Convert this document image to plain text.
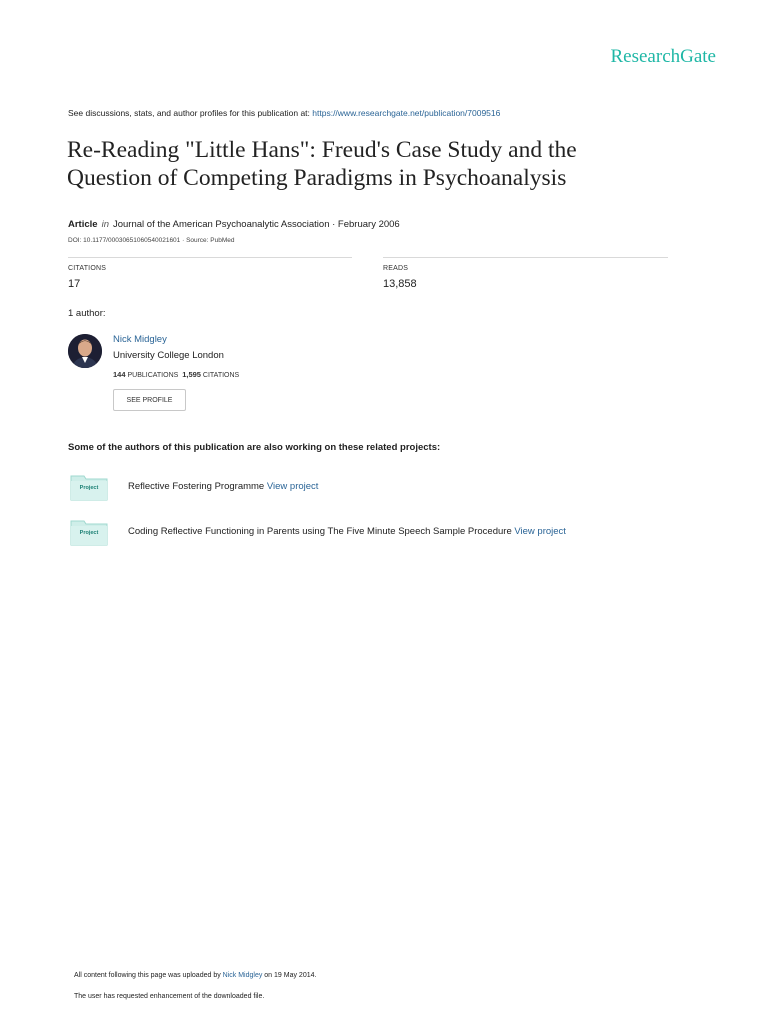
ResearchGate
See discussions, stats, and author profiles for this publication at: https://www.researchgate.net/publication/7009516
Re-Reading "Little Hans": Freud's Case Study and the
Question of Competing Paradigms in Psychoanalysis
Article in Journal of the American Psychoanalytic Association · February 2006
DOI: 10.1177/00030651060540021601 · Source: PubMed
CITATIONS
17
READS
13,858
1 author:
Nick Midgley
University College London
144 PUBLICATIONS 1,595 CITATIONS
SEE PROFILE
Some of the authors of this publication are also working on these related projects:
Project	Reflective Fostering Programme View project
Project	Coding Reflective Functioning in Parents using The Five Minute Speech Sample Procedure View project
All content following this page was uploaded by Nick Midgley on 19 May 2014.
The user has requested enhancement of the downloaded file.
